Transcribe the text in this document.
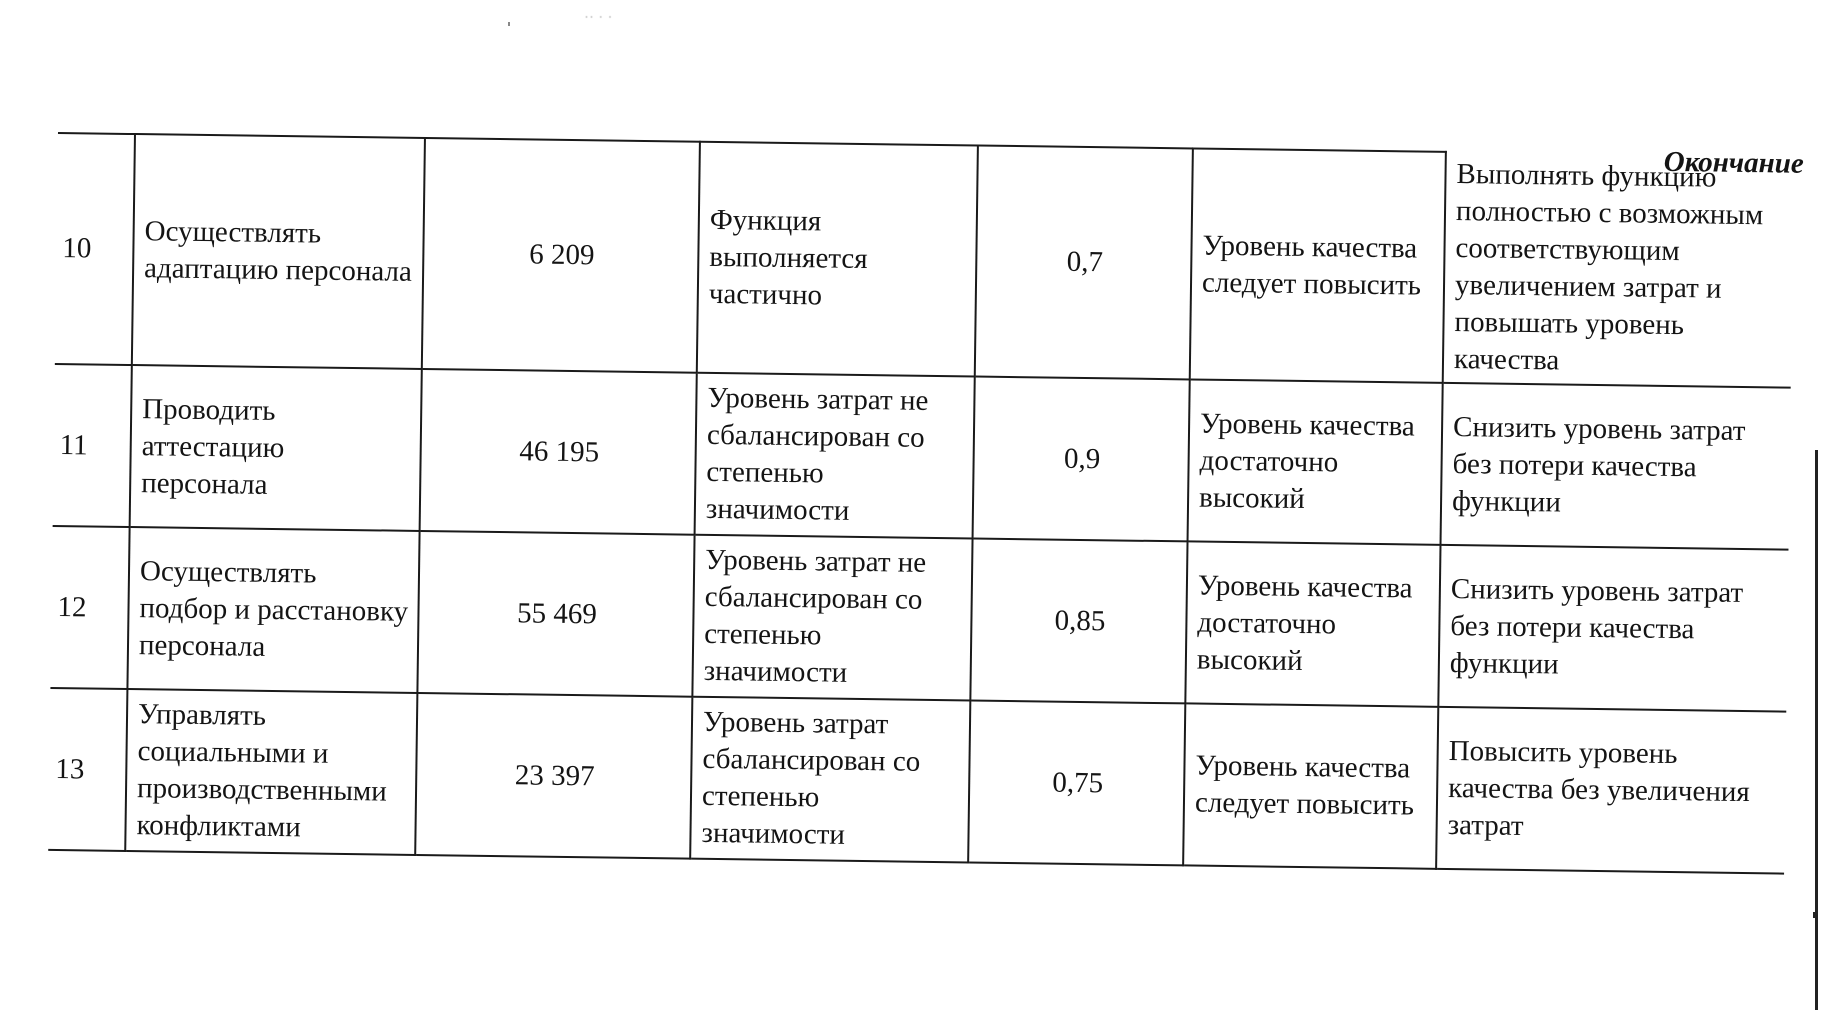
·· · ·
Окончание
10	Осуществлять адаптацию персонала	6 209	Функция выполняется частично	0,7	Уровень качества следует повысить	Выполнять функцию полностью с возможным соответствующим увеличением затрат и повышать уровень качества
11	Проводить аттестацию персонала	46 195	Уровень затрат не сбалансирован со степенью значимости	0,9	Уровень качества достаточно высокий	Снизить уровень затрат без потери качества функции
12	Осуществлять подбор и расстановку персонала	55 469	Уровень затрат не сбалансирован со степенью значимости	0,85	Уровень качества достаточно высокий	Снизить уровень затрат без потери качества функции
13	Управлять социальными и производственными конфликтами	23 397	Уровень затрат сбалансирован со степенью значимости	0,75	Уровень качества следует повысить	Повысить уровень качества без увеличения затрат
